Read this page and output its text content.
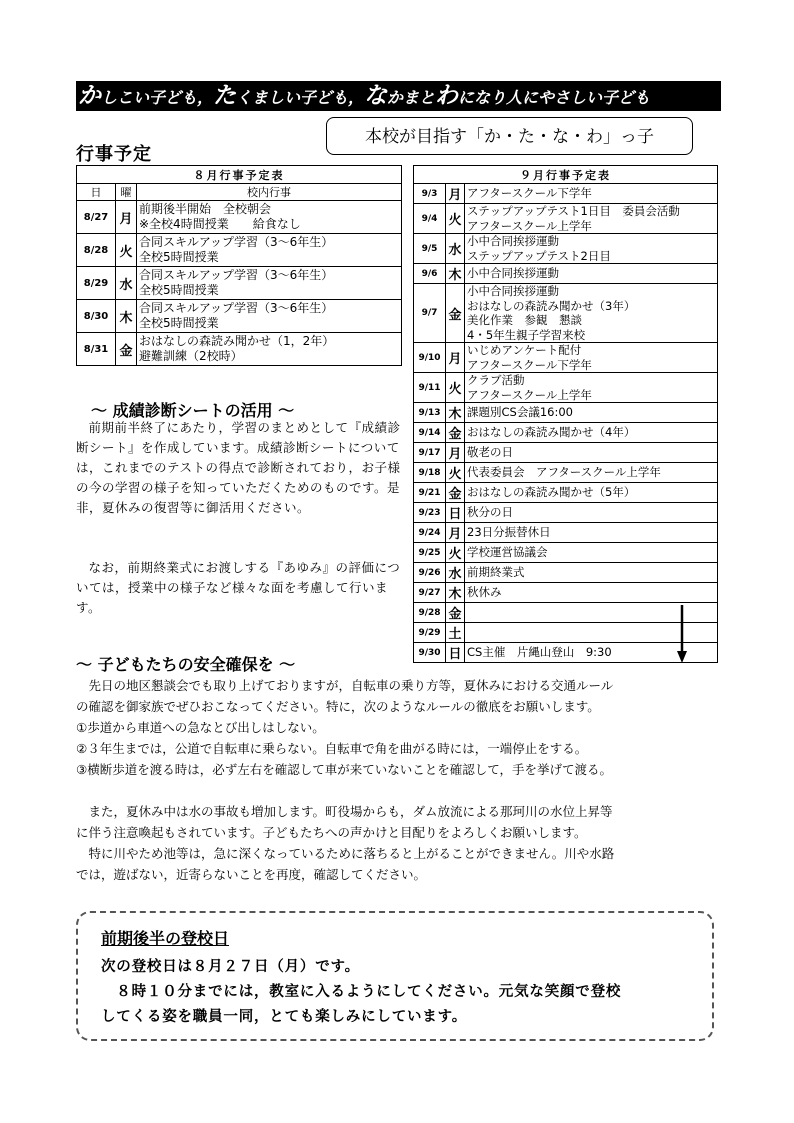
かしこい子ども，たくましい子ども，なかまとわになり人にやさしい子ども
本校が目指す「か・た・な・わ」っ子
行事予定
８月行事予定表		
日	曜	校内行事
8/27	月	前期後半開始　全校朝会
※全校4時間授業　　給食なし

8/28	火	合同スキルアップ学習（3～6年生）
全校5時間授業

8/29	水	合同スキルアップ学習（3～6年生）
全校5時間授業

8/30	木	合同スキルアップ学習（3～6年生）
全校5時間授業

8/31	金	おはなしの森読み聞かせ（1，2年）
避難訓練（2校時）
９月行事予定表		
9/3	月	アフタースクール下学年

9/4	火	ステップアップテスト1日目　委員会活動
アフタースクール上学年

9/5	水	小中合同挨拶運動
ステップアップテスト2日目

9/6	木	小中合同挨拶運動

9/7	金	小中合同挨拶運動
おはなしの森読み聞かせ（3年）
美化作業　参観　懇談
4・5年生親子学習来校

9/10	月	いじめアンケート配付
アフタースクール下学年

9/11	火	クラブ活動
アフタースクール上学年

9/13	木	課題別CS会議16:00

9/14	金	おはなしの森読み聞かせ（4年）

9/17	月	敬老の日

9/18	火	代表委員会　アフタースクール上学年

9/21	金	おはなしの森読み聞かせ（5年）

9/23	日	秋分の日

9/24	月	23日分振替休日

9/25	火	学校運営協議会

9/26	水	前期終業式

9/27	木	秋休み

9/28	金	

9/29	土	

9/30	日	CS主催　片縄山登山　9:30
～ 成績診断シートの活用 ～
前期前半終了にあたり，学習のまとめとして『成績診断シート』を作成しています。成績診断シートについては，これまでのテストの得点で診断されており，お子様の今の学習の様子を知っていただくためのものです。是非，夏休みの復習等に御活用ください。
なお，前期終業式にお渡しする『あゆみ』の評価については，授業中の様子など様々な面を考慮して行います。
～ 子どもたちの安全確保を ～
　先日の地区懇談会でも取り上げておりますが，自転車の乗り方等，夏休みにおける交通ルール
の確認を御家族でぜひおこなってください。特に，次のようなルールの徹底をお願いします。
①歩道から車道への急なとび出しはしない。
②３年生までは，公道で自転車に乗らない。自転車で角を曲がる時には，一端停止をする。
③横断歩道を渡る時は，必ず左右を確認して車が来ていないことを確認して，手を挙げて渡る。
　また，夏休み中は水の事故も増加します。町役場からも，ダム放流による那珂川の水位上昇等
に伴う注意喚起もされています。子どもたちへの声かけと目配りをよろしくお願いします。
　特に川やため池等は，急に深くなっているために落ちると上がることができません。川や水路
では，遊ばない，近寄らないことを再度，確認してください。
前期後半の登校日
次の登校日は８月２７日（月）です。
　８時１０分までには，教室に入るようにしてください。元気な笑顔で登校
してくる姿を職員一同，とても楽しみにしています。
